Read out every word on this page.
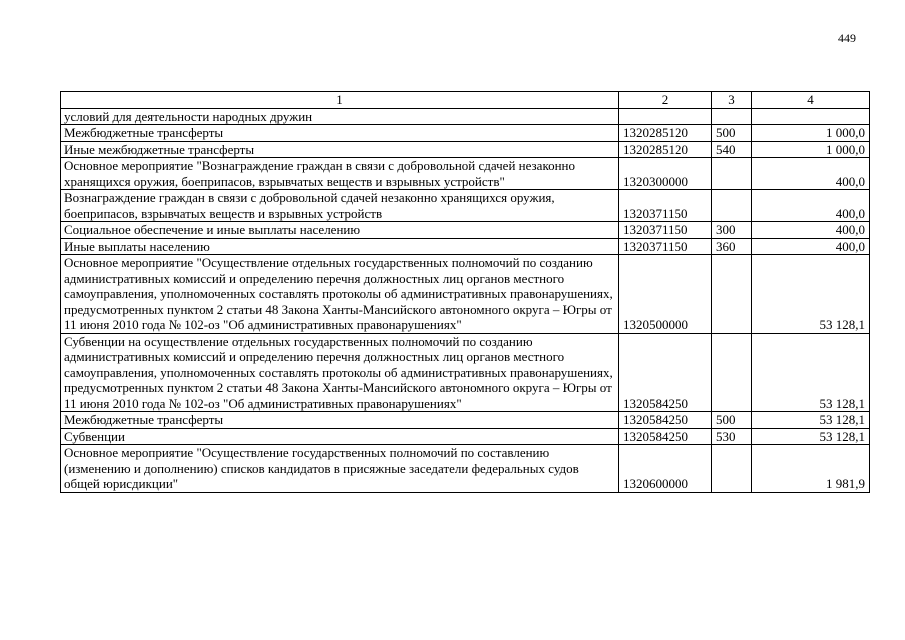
449
1	2	3	4
условий для деятельности народных дружин			
Межбюджетные трансферты	1320285120	500	1 000,0
Иные межбюджетные трансферты	1320285120	540	1 000,0
Основное мероприятие "Вознаграждение граждан в связи с добровольной сдачей незаконно хранящихся оружия, боеприпасов, взрывчатых веществ и взрывных устройств"	1320300000		400,0
Вознаграждение граждан в связи с добровольной сдачей незаконно хранящихся оружия, боеприпасов, взрывчатых веществ и взрывных устройств	1320371150		400,0
Социальное обеспечение и иные выплаты населению	1320371150	300	400,0
Иные выплаты населению	1320371150	360	400,0
Основное мероприятие "Осуществление отдельных государственных полномочий по созданию административных комиссий и определению перечня должностных лиц органов местного самоуправления, уполномоченных составлять протоколы об административных правонарушениях, предусмотренных пунктом 2 статьи 48 Закона Ханты-Мансийского автономного округа – Югры от 11 июня 2010 года № 102-оз "Об административных правонарушениях"	1320500000		53 128,1
Субвенции на осуществление отдельных государственных полномочий по созданию административных комиссий и определению перечня должностных лиц органов местного самоуправления, уполномоченных составлять протоколы об административных правонарушениях, предусмотренных пунктом 2 статьи 48 Закона Ханты-Мансийского автономного округа – Югры от 11 июня 2010 года № 102-оз "Об административных правонарушениях"	1320584250		53 128,1
Межбюджетные трансферты	1320584250	500	53 128,1
Субвенции	1320584250	530	53 128,1
Основное мероприятие "Осуществление государственных полномочий по составлению (изменению и дополнению) списков кандидатов в присяжные заседатели федеральных судов общей юрисдикции"	1320600000		1 981,9
